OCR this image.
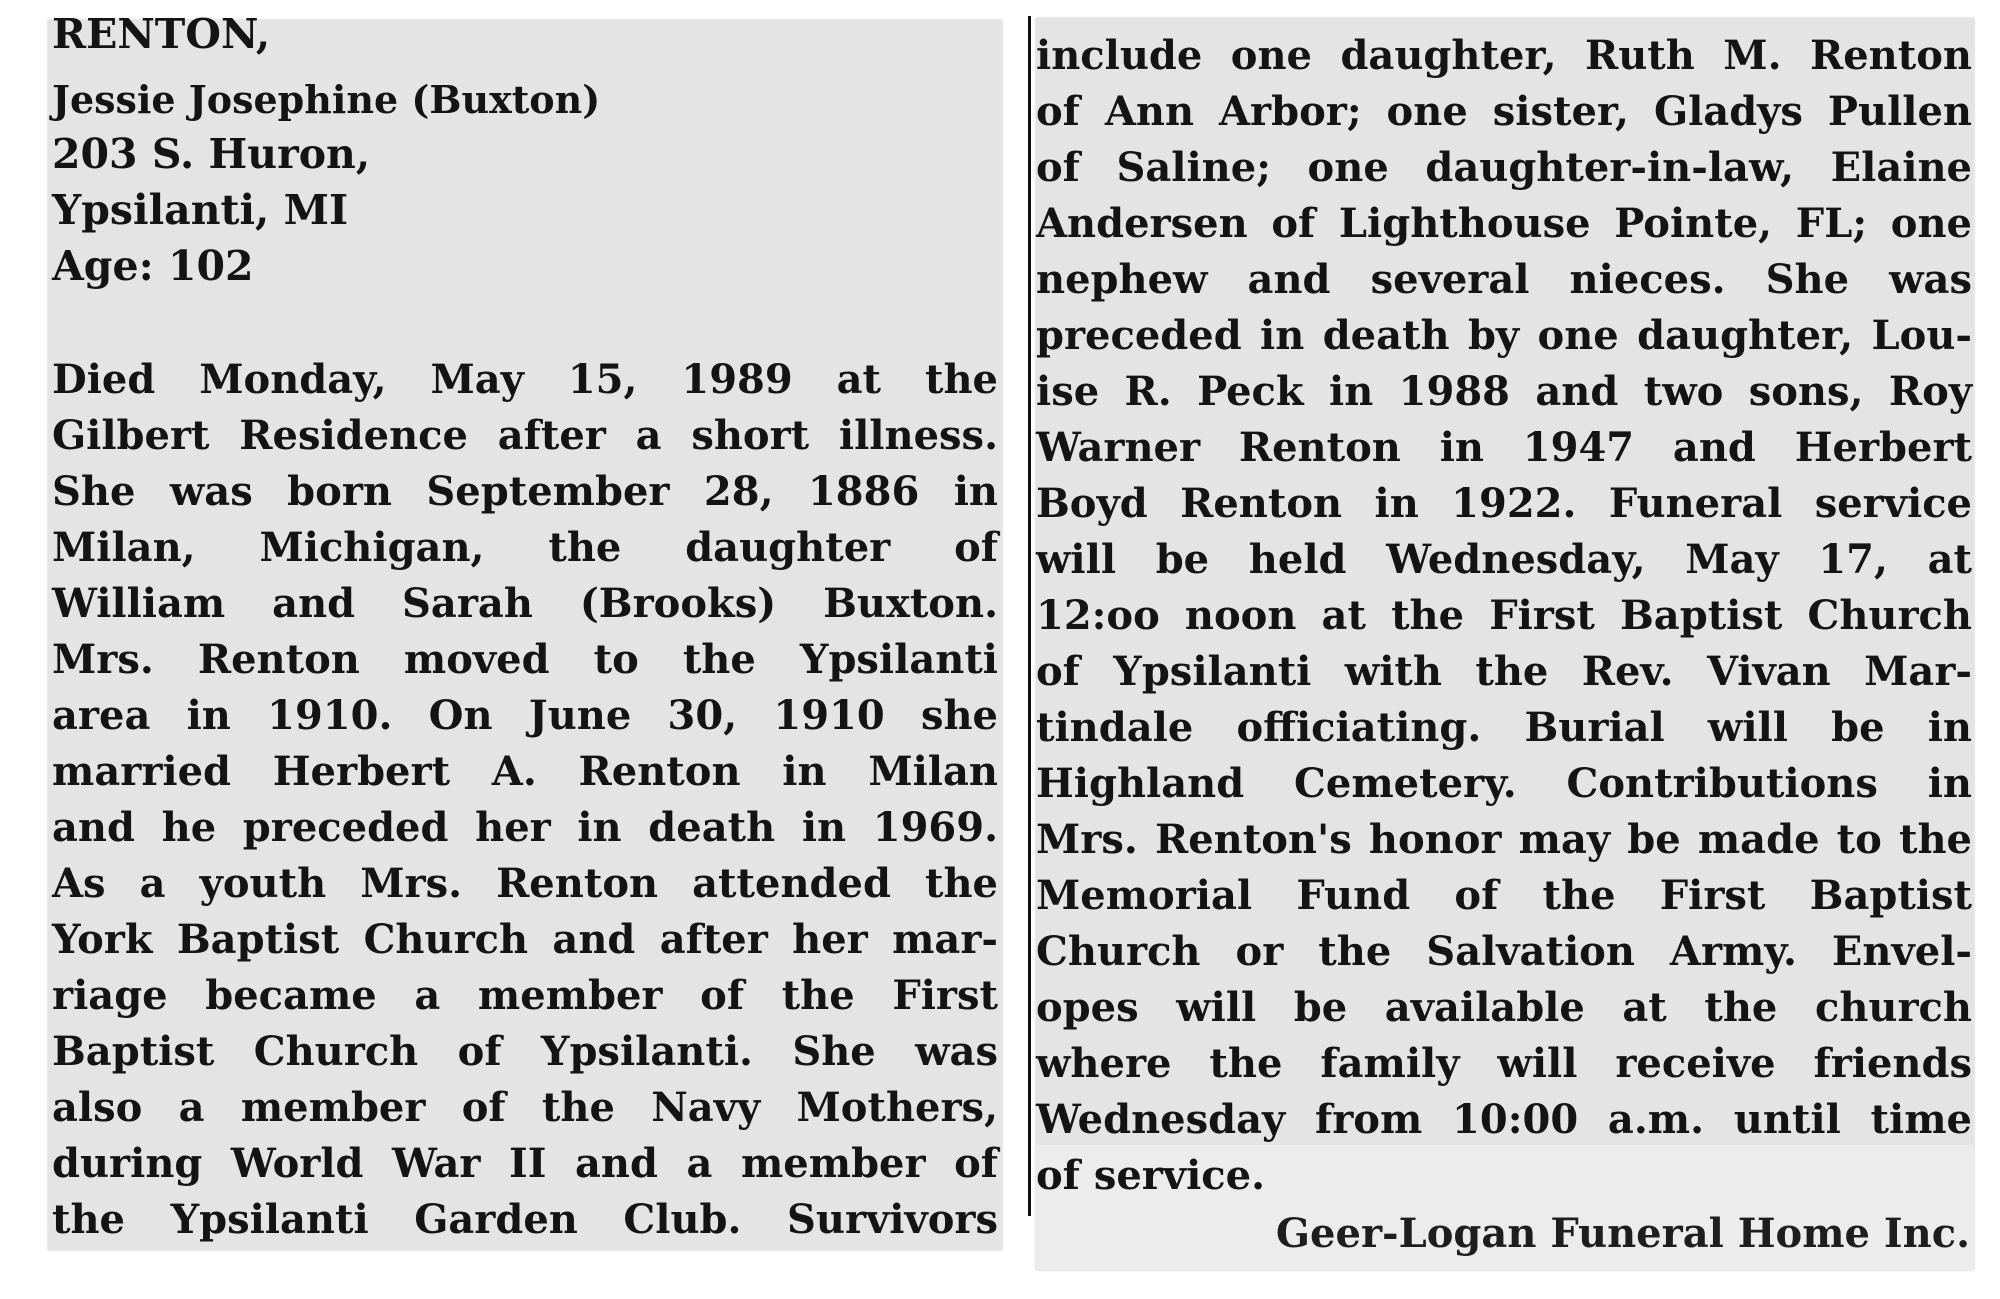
RENTON,
Jessie Josephine (Buxton)
203 S. Huron,
Ypsilanti, MI
Age: 102
Died Monday, May 15, 1989 at the
Gilbert Residence after a short illness.
She was born September 28, 1886 in
Milan, Michigan, the daughter of
William and Sarah (Brooks) Buxton.
Mrs. Renton moved to the Ypsilanti
area in 1910. On June 30, 1910 she
married Herbert A. Renton in Milan
and he preceded her in death in 1969.
As a youth Mrs. Renton attended the
York Baptist Church and after her mar-
riage became a member of the First
Baptist Church of Ypsilanti. She was
also a member of the Navy Mothers,
during World War II and a member of
the Ypsilanti Garden Club. Survivors
include one daughter, Ruth M. Renton
of Ann Arbor; one sister, Gladys Pullen
of Saline; one daughter-in-law, Elaine
Andersen of Lighthouse Pointe, FL; one
nephew and several nieces. She was
preceded in death by one daughter, Lou-
ise R. Peck in 1988 and two sons, Roy
Warner Renton in 1947 and Herbert
Boyd Renton in 1922. Funeral service
will be held Wednesday, May 17, at
12:oo noon at the First Baptist Church
of Ypsilanti with the Rev. Vivan Mar-
tindale officiating. Burial will be in
Highland Cemetery. Contributions in
Mrs. Renton's honor may be made to the
Memorial Fund of the First Baptist
Church or the Salvation Army. Envel-
opes will be available at the church
where the family will receive friends
Wednesday from 10:00 a.m. until time
of service.
Geer-Logan Funeral Home Inc.
